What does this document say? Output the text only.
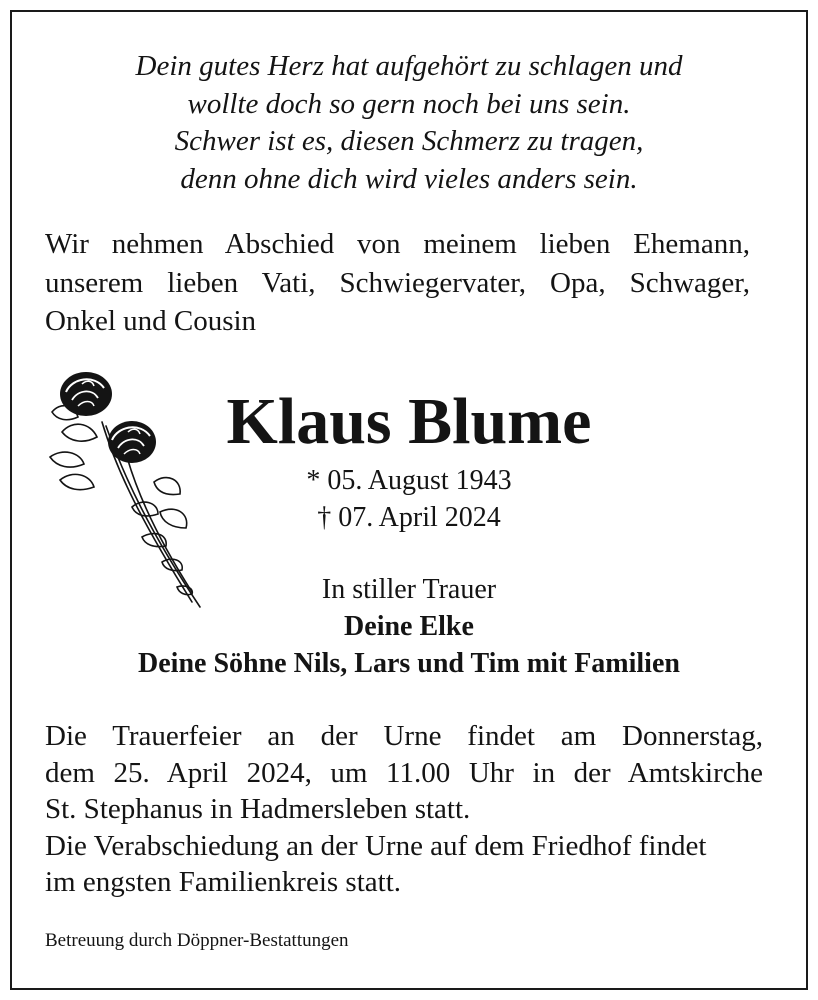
Dein gutes Herz hat aufgehört zu schlagen und
wollte doch so gern noch bei uns sein.
Schwer ist es, diesen Schmerz zu tragen,
denn ohne dich wird vieles anders sein.
Wir nehmen Abschied von meinem lieben Ehemann,
unserem lieben Vati, Schwiegervater, Opa, Schwager,
Onkel und Cousin
Klaus Blume
* 05. August 1943
† 07. April 2024
In stiller Trauer
Deine Elke
Deine Söhne Nils, Lars und Tim mit Familien
Die Trauerfeier an der Urne findet am Donnerstag,
dem 25. April 2024, um 11.00 Uhr in der Amtskirche
St. Stephanus in Hadmersleben statt.
Die Verabschiedung an der Urne auf dem Friedhof findet
im engsten Familienkreis statt.
Betreuung durch Döppner-Bestattungen
